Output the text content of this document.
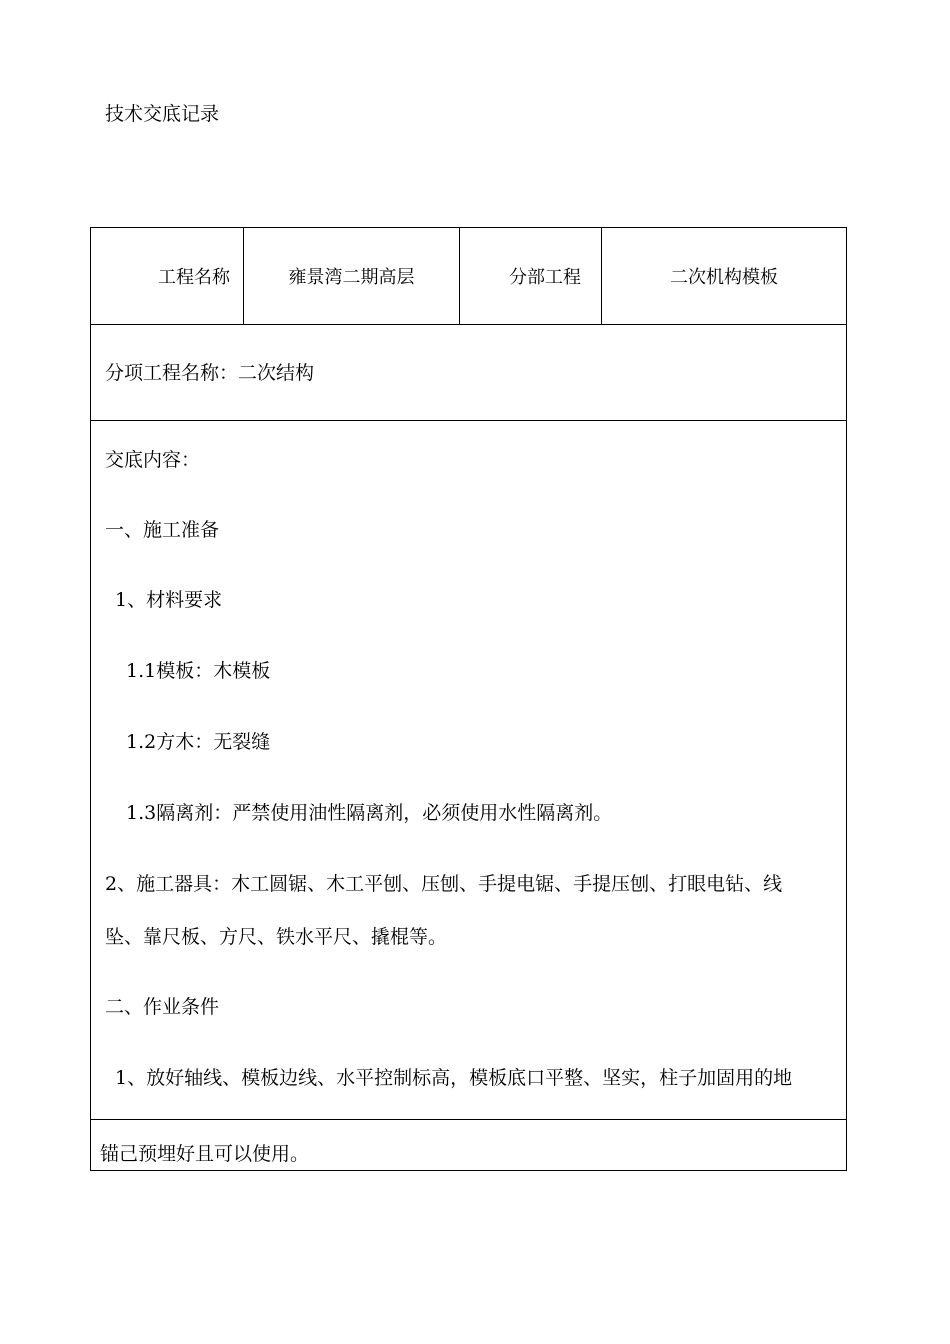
技术交底记录
工程名称	雍景湾二期高层	分部工程	二次机构模板
分项工程名称：二次结构
交底内容：
一、施工准备
1、材料要求
1.1模板：木模板
1.2方木：无裂缝
1.3隔离剂：严禁使用油性隔离剂，必须使用水性隔离剂。
2、施工器具：木工圆锯、木工平刨、压刨、手提电锯、手提压刨、打眼电钻、线
坠、靠尺板、方尺、铁水平尺、撬棍等。
二、作业条件
1、放好轴线、模板边线、水平控制标高，模板底口平整、坚实，柱子加固用的地
锚己预埋好且可以使用。
